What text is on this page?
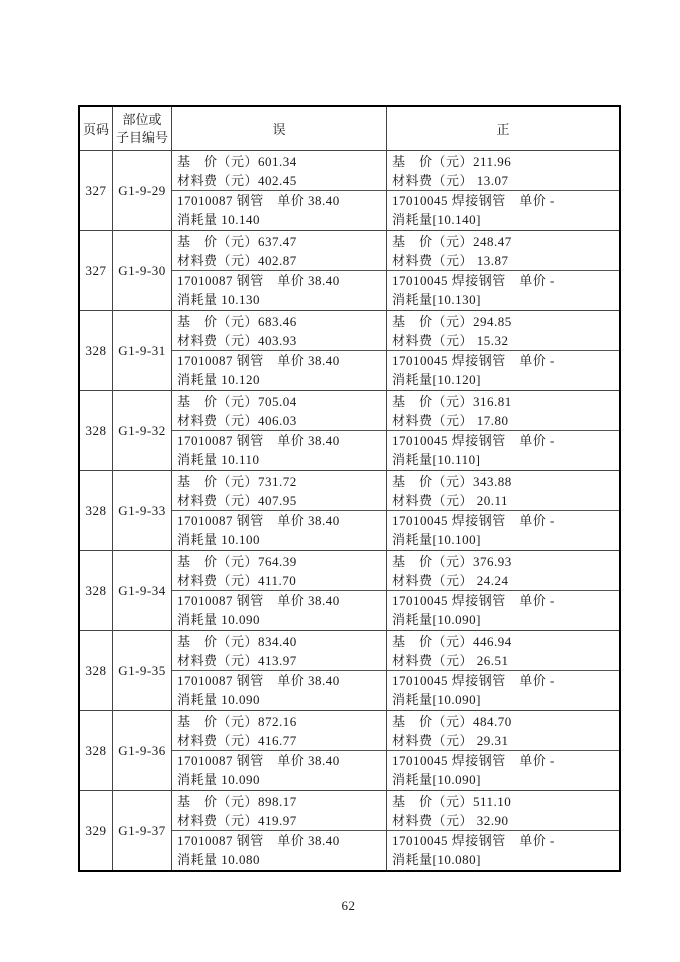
页码
部位或
子目编号	误	正
327 G1-9-29
基　价（元）601.34
材料费（元）402.45
17010087 钢管　单价 38.40
消耗量 10.140
基　价（元）211.96
材料费（元） 13.07
17010045 焊接钢管　单价 -
消耗量[10.140]
327 G1-9-30
基　价（元）637.47
材料费（元）402.87
17010087 钢管　单价 38.40
消耗量 10.130
基　价（元）248.47
材料费（元） 13.87
17010045 焊接钢管　单价 -
消耗量[10.130]
328 G1-9-31
基　价（元）683.46
材料费（元）403.93
17010087 钢管　单价 38.40
消耗量 10.120
基　价（元）294.85
材料费（元） 15.32
17010045 焊接钢管　单价 -
消耗量[10.120]
328 G1-9-32
基　价（元）705.04
材料费（元）406.03
17010087 钢管　单价 38.40
消耗量 10.110
基　价（元）316.81
材料费（元） 17.80
17010045 焊接钢管　单价 -
消耗量[10.110]
328 G1-9-33
基　价（元）731.72
材料费（元）407.95
17010087 钢管　单价 38.40
消耗量 10.100
基　价（元）343.88
材料费（元） 20.11
17010045 焊接钢管　单价 -
消耗量[10.100]
328 G1-9-34
基　价（元）764.39
材料费（元）411.70
17010087 钢管　单价 38.40
消耗量 10.090
基　价（元）376.93
材料费（元） 24.24
17010045 焊接钢管　单价 -
消耗量[10.090]
328 G1-9-35
基　价（元）834.40
材料费（元）413.97
17010087 钢管　单价 38.40
消耗量 10.090
基　价（元）446.94
材料费（元） 26.51
17010045 焊接钢管　单价 -
消耗量[10.090]
328 G1-9-36
基　价（元）872.16
材料费（元）416.77
17010087 钢管　单价 38.40
消耗量 10.090
基　价（元）484.70
材料费（元） 29.31
17010045 焊接钢管　单价 -
消耗量[10.090]
329 G1-9-37
基　价（元）898.17
材料费（元）419.97
17010087 钢管　单价 38.40
消耗量 10.080
基　价（元）511.10
材料费（元） 32.90
17010045 焊接钢管　单价 -
消耗量[10.080]
62
